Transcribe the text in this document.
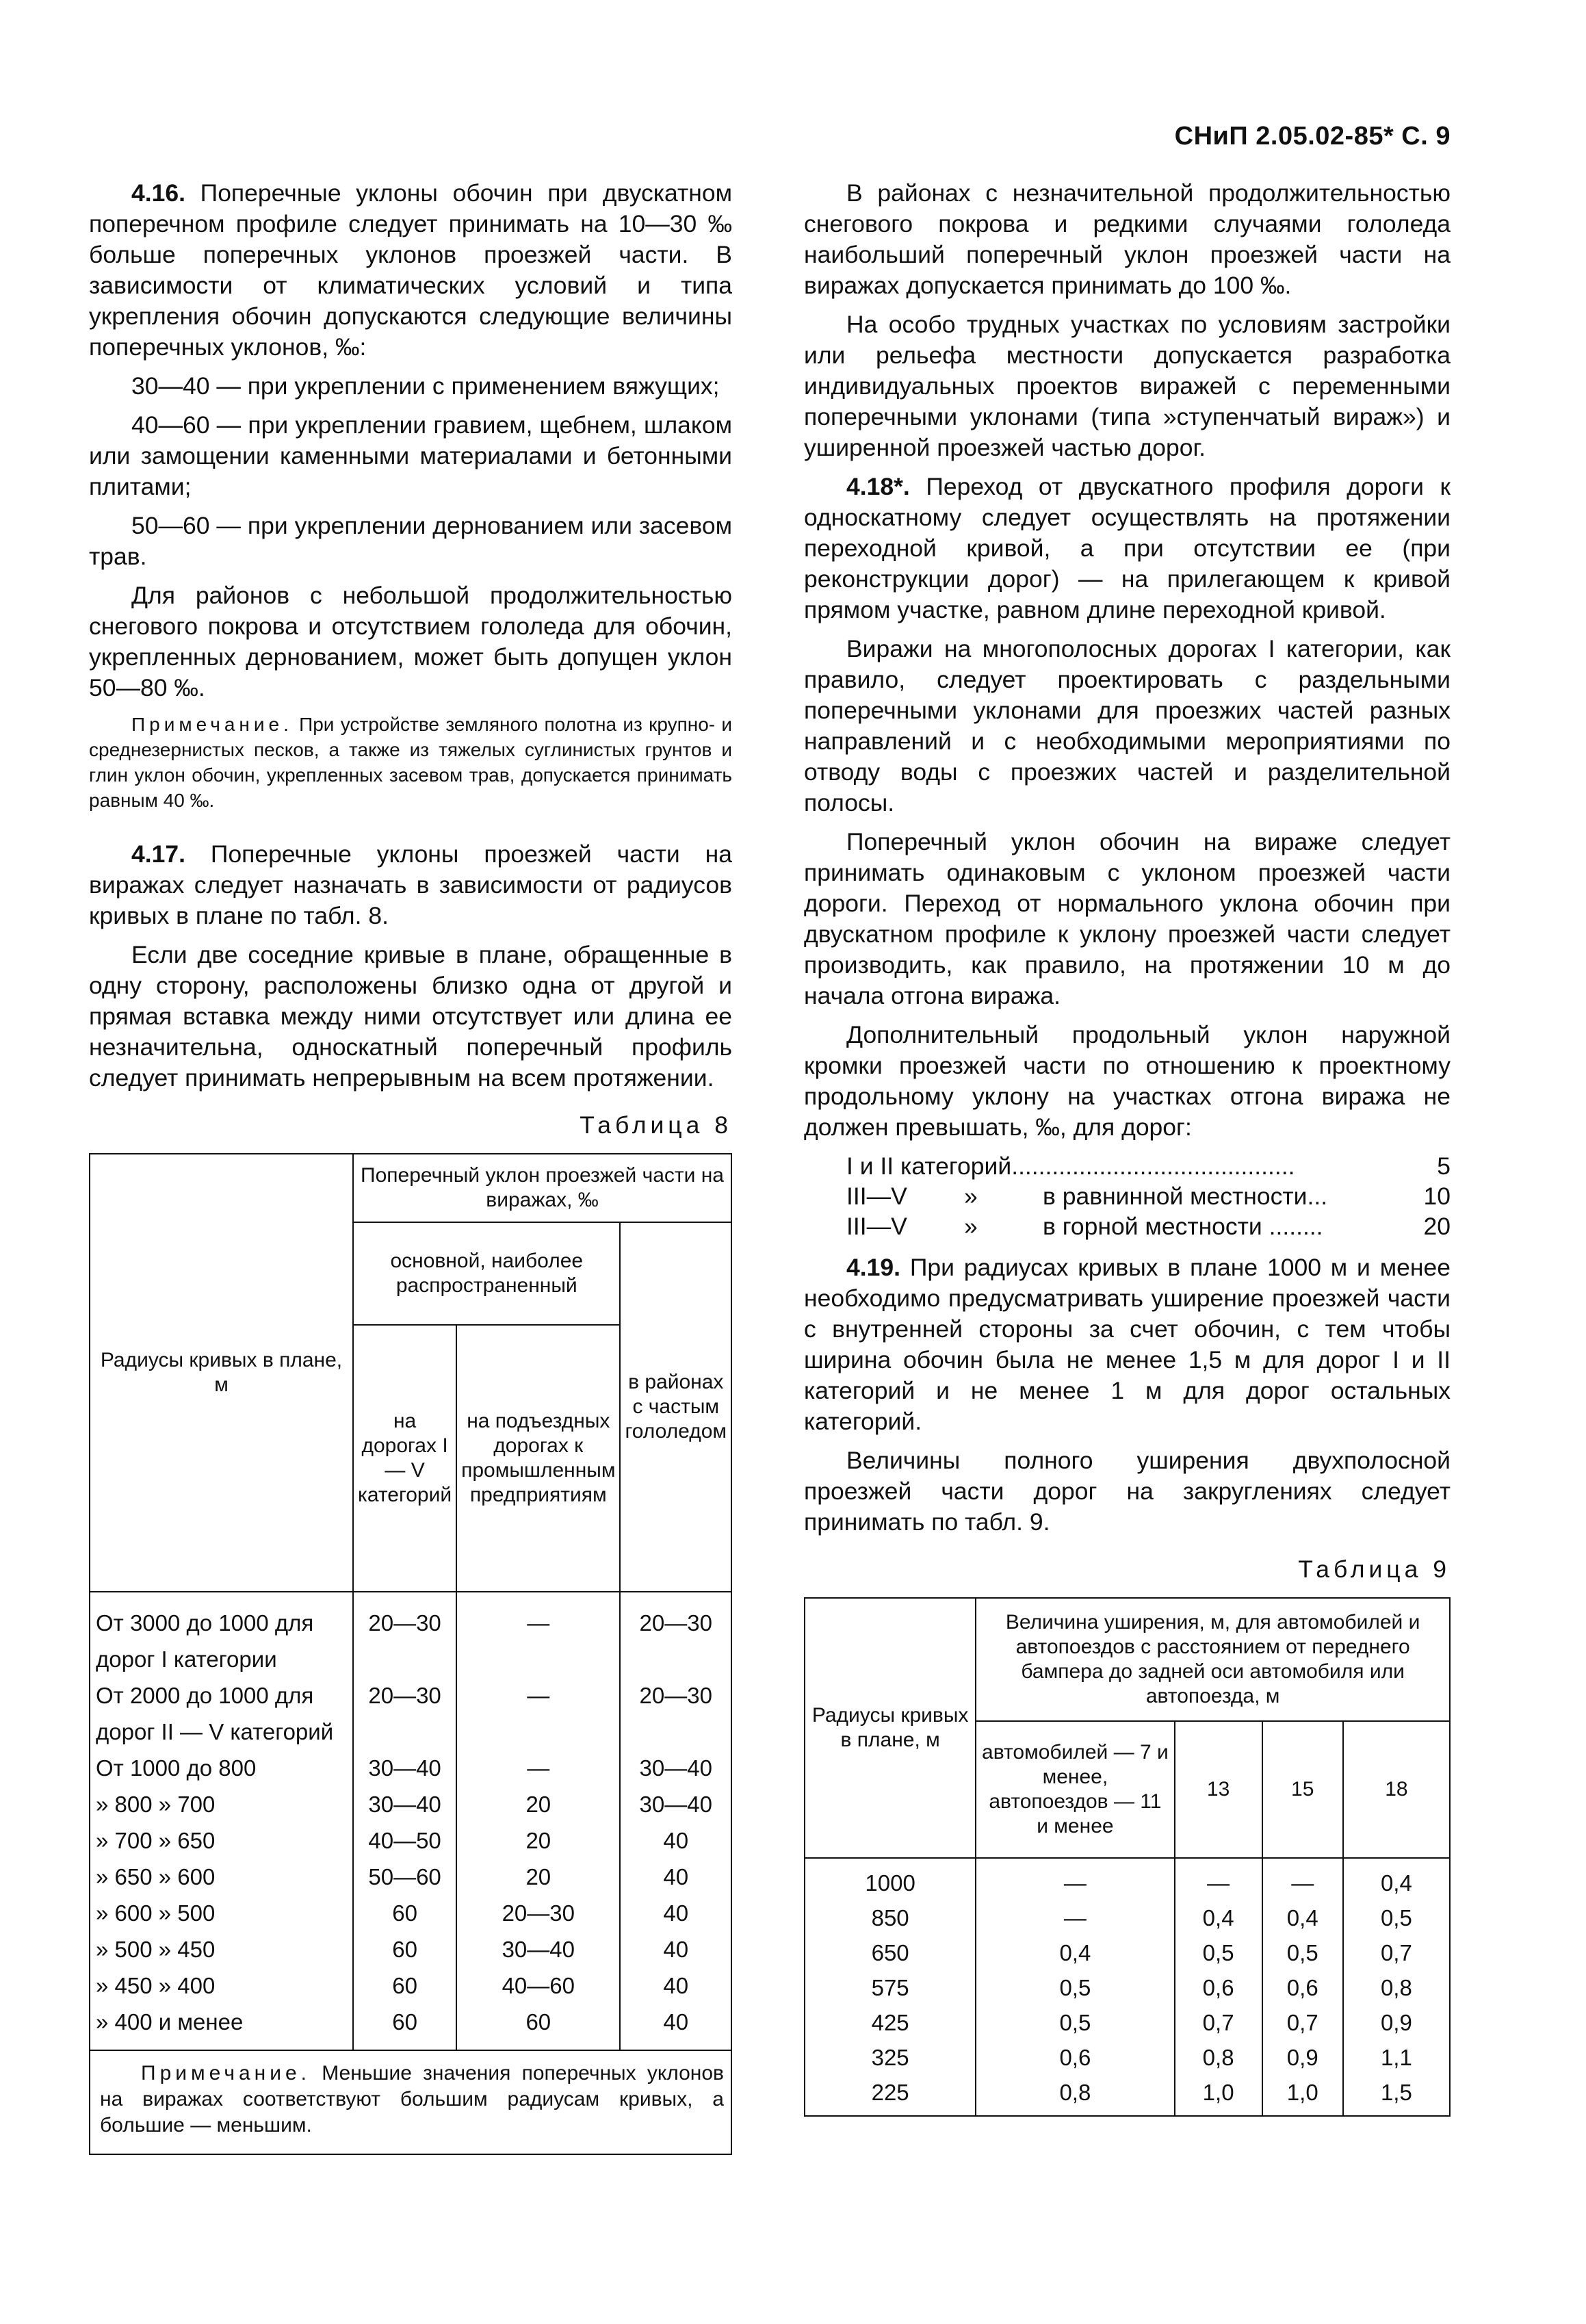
СНиП 2.05.02-85* С. 9

4.16. Поперечные уклоны обочин при двускатном поперечном профиле следует принимать на 10—30 ‰ больше поперечных уклонов проезжей части. В зависимости от климатических условий и типа укрепления обочин допускаются следующие величины поперечных уклонов, ‰:

30—40 — при укреплении с применением вяжущих;

40—60 — при укреплении гравием, щебнем, шлаком или замощении каменными материалами и бетонными плитами;

50—60 — при укреплении дернованием или засевом трав.

Для районов с небольшой продолжительностью снегового покрова и отсутствием гололеда для обочин, укрепленных дернованием, может быть допущен уклон 50—80 ‰.

Примечание. При устройстве земляного полотна из крупно- и среднезернистых песков, а также из тяжелых суглинистых грунтов и глин уклон обочин, укрепленных засевом трав, допускается принимать равным 40 ‰.

4.17. Поперечные уклоны проезжей части на виражах следует назначать в зависимости от радиусов кривых в плане по табл. 8.

Если две соседние кривые в плане, обращенные в одну сторону, расположены близко одна от другой и прямая вставка между ними отсутствует или длина ее незначительна, односкатный поперечный профиль следует принимать непрерывным на всем протяжении.

Таблица 8
Радиусы кривых в плане, м	Поперечный уклон проезжей части на виражах, ‰		
	основной, наиболее распространенный		в районах с частым гололедом
	на дорогах I — V категорий	на подъездных дорогах к промышленным предприятиям	
От 3000 до 1000 для	20—30	—	20—30
дорог I категории			
От 2000 до 1000 для	20—30	—	20—30
дорог II — V категорий			
От 1000 до 800	30—40	—	30—40
» 800 » 700	30—40	20	30—40
» 700 » 650	40—50	20	40
» 650 » 600	50—60	20	40
» 600 » 500	60	20—30	40
» 500 » 450	60	30—40	40
» 450 » 400	60	40—60	40
» 400 и менее	60	60	40
Примечание. Меньшие значения поперечных уклонов на виражах соответствуют большим радиусам кривых, а большие — меньшим.			

В районах с незначительной продолжительностью снегового покрова и редкими случаями гололеда наибольший поперечный уклон проезжей части на виражах допускается принимать до 100 ‰.

На особо трудных участках по условиям застройки или рельефа местности допускается разработка индивидуальных проектов виражей с переменными поперечными уклонами (типа »ступенчатый вираж») и уширенной проезжей частью дорог.

4.18*. Переход от двускатного профиля дороги к односкатному следует осуществлять на протяжении переходной кривой, а при отсутствии ее (при реконструкции дорог) — на прилегающем к кривой прямом участке, равном длине переходной кривой.

Виражи на многополосных дорогах I категории, как правило, следует проектировать с раздельными поперечными уклонами для проезжих частей разных направлений и с необходимыми мероприятиями по отводу воды с проезжих частей и разделительной полосы.

Поперечный уклон обочин на вираже следует принимать одинаковым с уклоном проезжей части дороги. Переход от нормального уклона обочин при двускатном профиле к уклону проезжей части следует производить, как правило, на протяжении 10 м до начала отгона виража.

Дополнительный продольный уклон наружной кромки проезжей части по отношению к проектному продольному уклону на участках отгона виража не должен превышать, ‰, для дорог:

I и II категорий ..........................................	5
III—V	»	в равнинной местности...	10
III—V	»	в горной местности ........	20

4.19. При радиусах кривых в плане 1000 м и менее необходимо предусматривать уширение проезжей части с внутренней стороны за счет обочин, с тем чтобы ширина обочин была не менее 1,5 м для дорог I и II категорий и не менее 1 м для дорог остальных категорий.

Величины полного уширения двухполосной проезжей части дорог на закруглениях следует принимать по табл. 9.

Таблица 9
Радиусы кривых в плане, м	Величина уширения, м, для автомобилей и автопоездов с расстоянием от переднего бампера до задней оси автомобиля или автопоезда, м			
	автомобилей — 7 и менее, автопоездов — 11 и менее	13	15	18
1000	—	—	—	0,4
850	—	0,4	0,4	0,5
650	0,4	0,5	0,5	0,7
575	0,5	0,6	0,6	0,8
425	0,5	0,7	0,7	0,9
325	0,6	0,8	0,9	1,1
225	0,8	1,0	1,0	1,5
